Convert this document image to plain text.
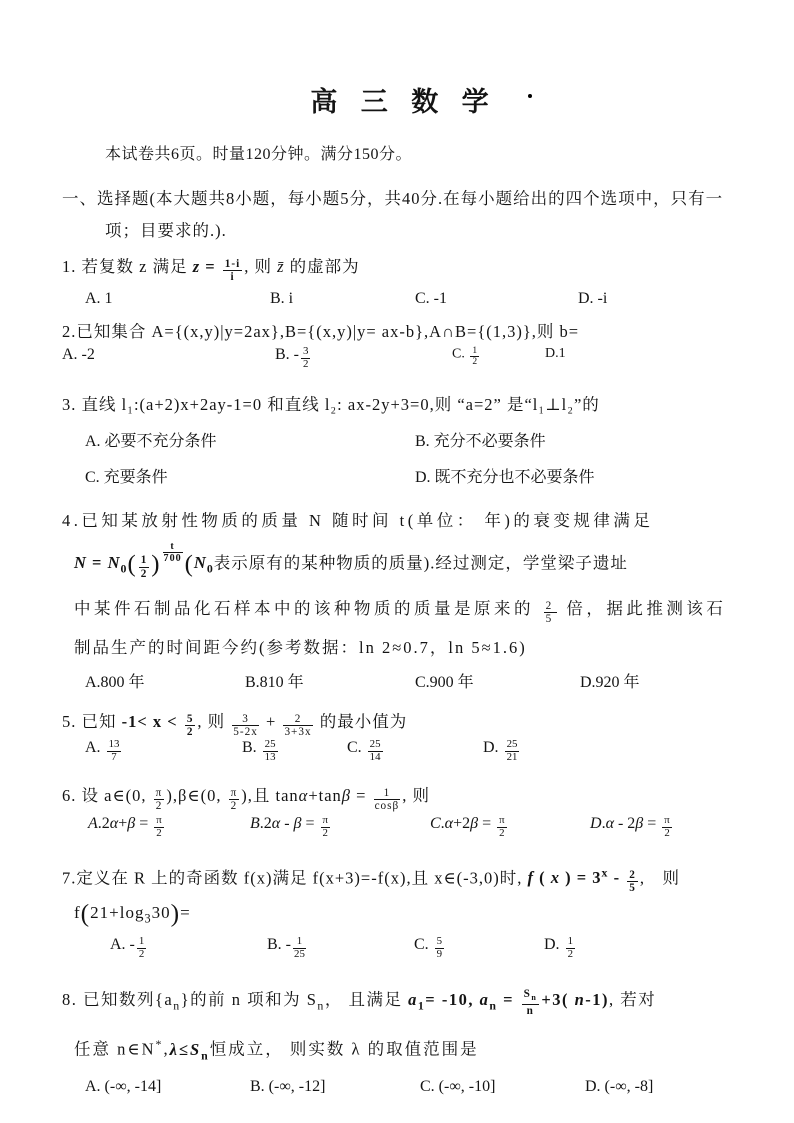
高 三 数 学

本试卷共6页。时量120分钟。满分150分。

一、选择题(本大题共8小题，每小题5分，共40分.在每小题给出的四个选项中，只有一

项；目要求的.).

1. 若复数 z 满足 $z = \frac{1-i}{i}$ , 则 z̄ 的虚部为
A. 1	B. i	C. -1	D. -i
2.已知集合 A={(x,y)|y=2ax},B={(x,y)|y= ax-b},A∩B={(1,3)},则 b=
A. -2	B. - $\frac{3}{2}$	C. $\frac{1}{2}$	D.1
3. 直线 l₁:(a+2)x+2ay-1=0 和直线 l₂: ax-2y+3=0,则 “a=2” 是“l₁⊥l₂”的
A. 必要不充分条件	B. 充分不必要条件
C. 充要条件	D. 既不充分也不必要条件
4.已知某放射性物质的质量 N 随时间 t(单位： 年)的衰变规律满足
$N = N_0( \frac{1}{2}$ ) $^{\frac{t}{700}}$ ($N_0$表示原有的某种物质的质量).经过测定，学堂梁子遗址
中某件石制品化石样本中的该种物质的质量是原来的 $\frac{2}{5}$ 倍，据此推测该石
制品生产的时间距今约(参考数据：ln 2≈0.7，ln 5≈1.6)
A.800 年	B.810 年	C.900 年	D.920 年
5. 已知 $-1< x < \frac{5}{2}$ , 则 $\frac{3}{5-2x} + \frac{2}{3+3x}$ 的最小值为
A. $\frac{13}{7}$	B. $\frac{25}{13}$	C. $\frac{25}{14}$	D. $\frac{25}{21}$
6. 设 a∈(0, $\frac{\pi}{2}$ ),β∈(0, $\frac{\pi}{2}$ ),且 $\tan\alpha+\tan\beta = \frac{1}{\cos\beta}$ , 则
$A.2\alpha+\beta = \frac{\pi}{2}$	$B.2\alpha - \beta = \frac{\pi}{2}$	$C.\alpha+2\beta = \frac{\pi}{2}$	$D.\alpha - 2\beta = \frac{\pi}{2}$
7.定义在 R 上的奇函数 f(x)满足 f(x+3)=-f(x),且 x∈(-3,0)时, f ( x ) = $3^x - \frac{2}{5}$ ,　则
$f(21+\log_330)=$
A. - $\frac{1}{2}$	B. - $\frac{1}{25}$	C. $\frac{5}{9}$	D. $\frac{1}{2}$
8. 已知数列$\{a_n\}$的前 n 项和为 $S_n$， 且满足 $a_1= -10$, $a_n = \frac{S_n}{n} +3$( n-1), 若对
任意 $n\in N^*,\lambda\le S_n$恒成立， 则实数 λ 的取值范围是
A. (-∞, -14]	B. (-∞, -12]	C. (-∞, -10]	D. (-∞, -8]
